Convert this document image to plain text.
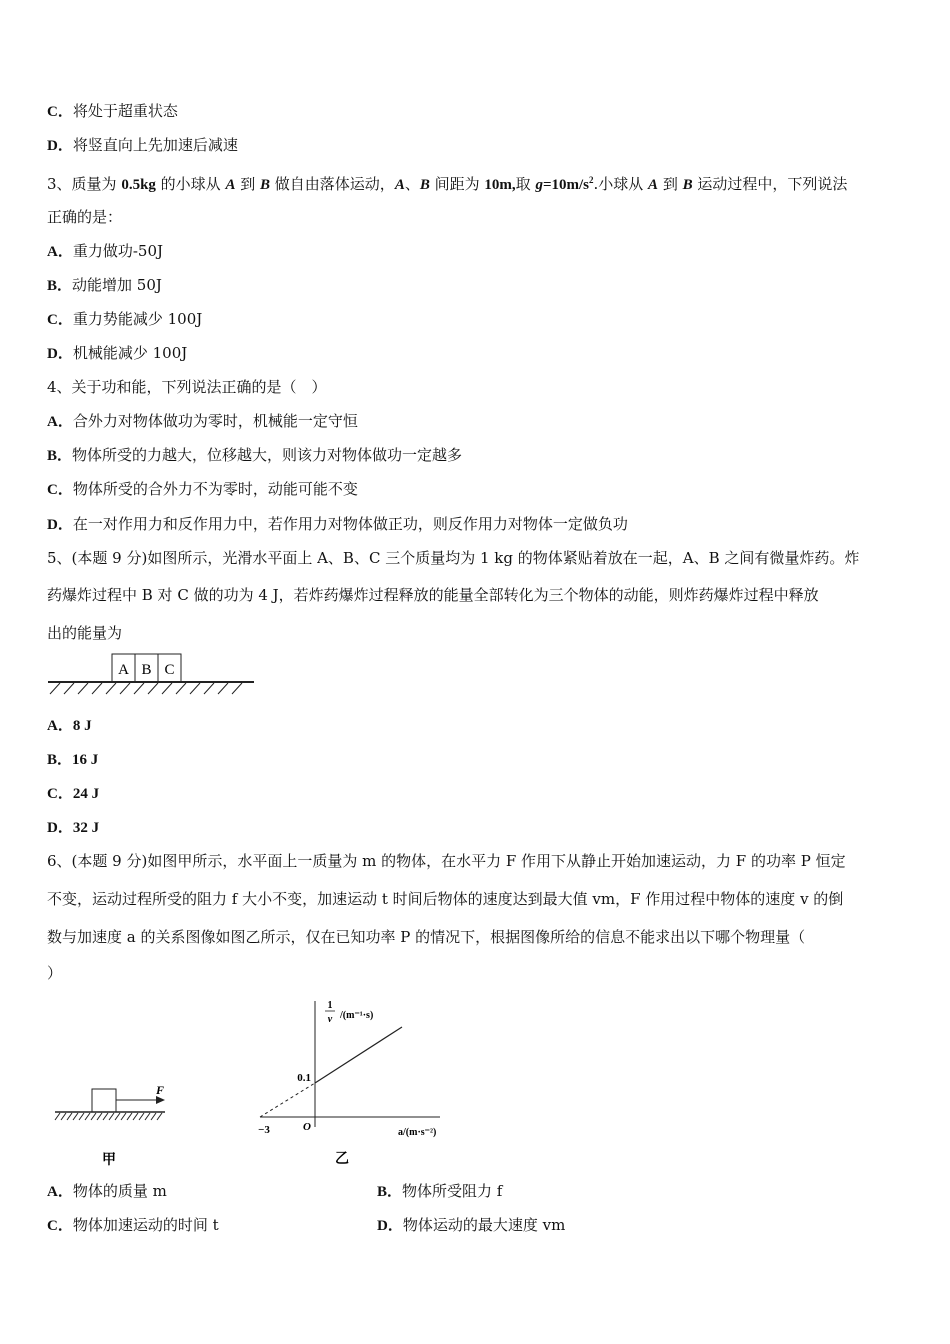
C．将处于超重状态
D．将竖直向上先加速后减速
3、质量为 0.5kg 的小球从 A 到 B 做自由落体运动，A、B 间距为 10m,取 $g=10m/s^2$.小球从 A 到 B 运动过程中，下列说法
正确的是：
A．重力做功-50J
B．动能增加 50J
C．重力势能减少 100J
D．机械能减少 100J
4、关于功和能，下列说法正确的是（　）
A．合外力对物体做功为零时，机械能一定守恒
B．物体所受的力越大，位移越大，则该力对物体做功一定越多
C．物体所受的合外力不为零时，动能可能不变
D．在一对作用力和反作用力中，若作用力对物体做正功，则反作用力对物体一定做负功
5、(本题 9 分)如图所示，光滑水平面上 A、B、C 三个质量均为 1 kg 的物体紧贴着放在一起，A、B 之间有微量炸药。炸
药爆炸过程中 B 对 C 做的功为 4 J，若炸药爆炸过程释放的能量全部转化为三个物体的动能，则炸药爆炸过程中释放
出的能量为
A B C
A．8 J
B．16 J
C．24 J
D．32 J
6、(本题 9 分)如图甲所示，水平面上一质量为 m 的物体，在水平力 F 作用下从静止开始加速运动，力 F 的功率 P 恒定
不变，运动过程所受的阻力 f 大小不变，加速运动 t 时间后物体的速度达到最大值 vm，F 作用过程中物体的速度 v 的倒
数与加速度 a 的关系图像如图乙所示，仅在已知功率 P 的情况下，根据图像所给的信息不能求出以下哪个物理量（
）
F
甲
1
v /(m⁻¹·s)
0.1
−3	O	a/(m·s⁻²)
乙
A．物体的质量 m	B．物体所受阻力 f
C．物体加速运动的时间 t	D．物体运动的最大速度 vm
